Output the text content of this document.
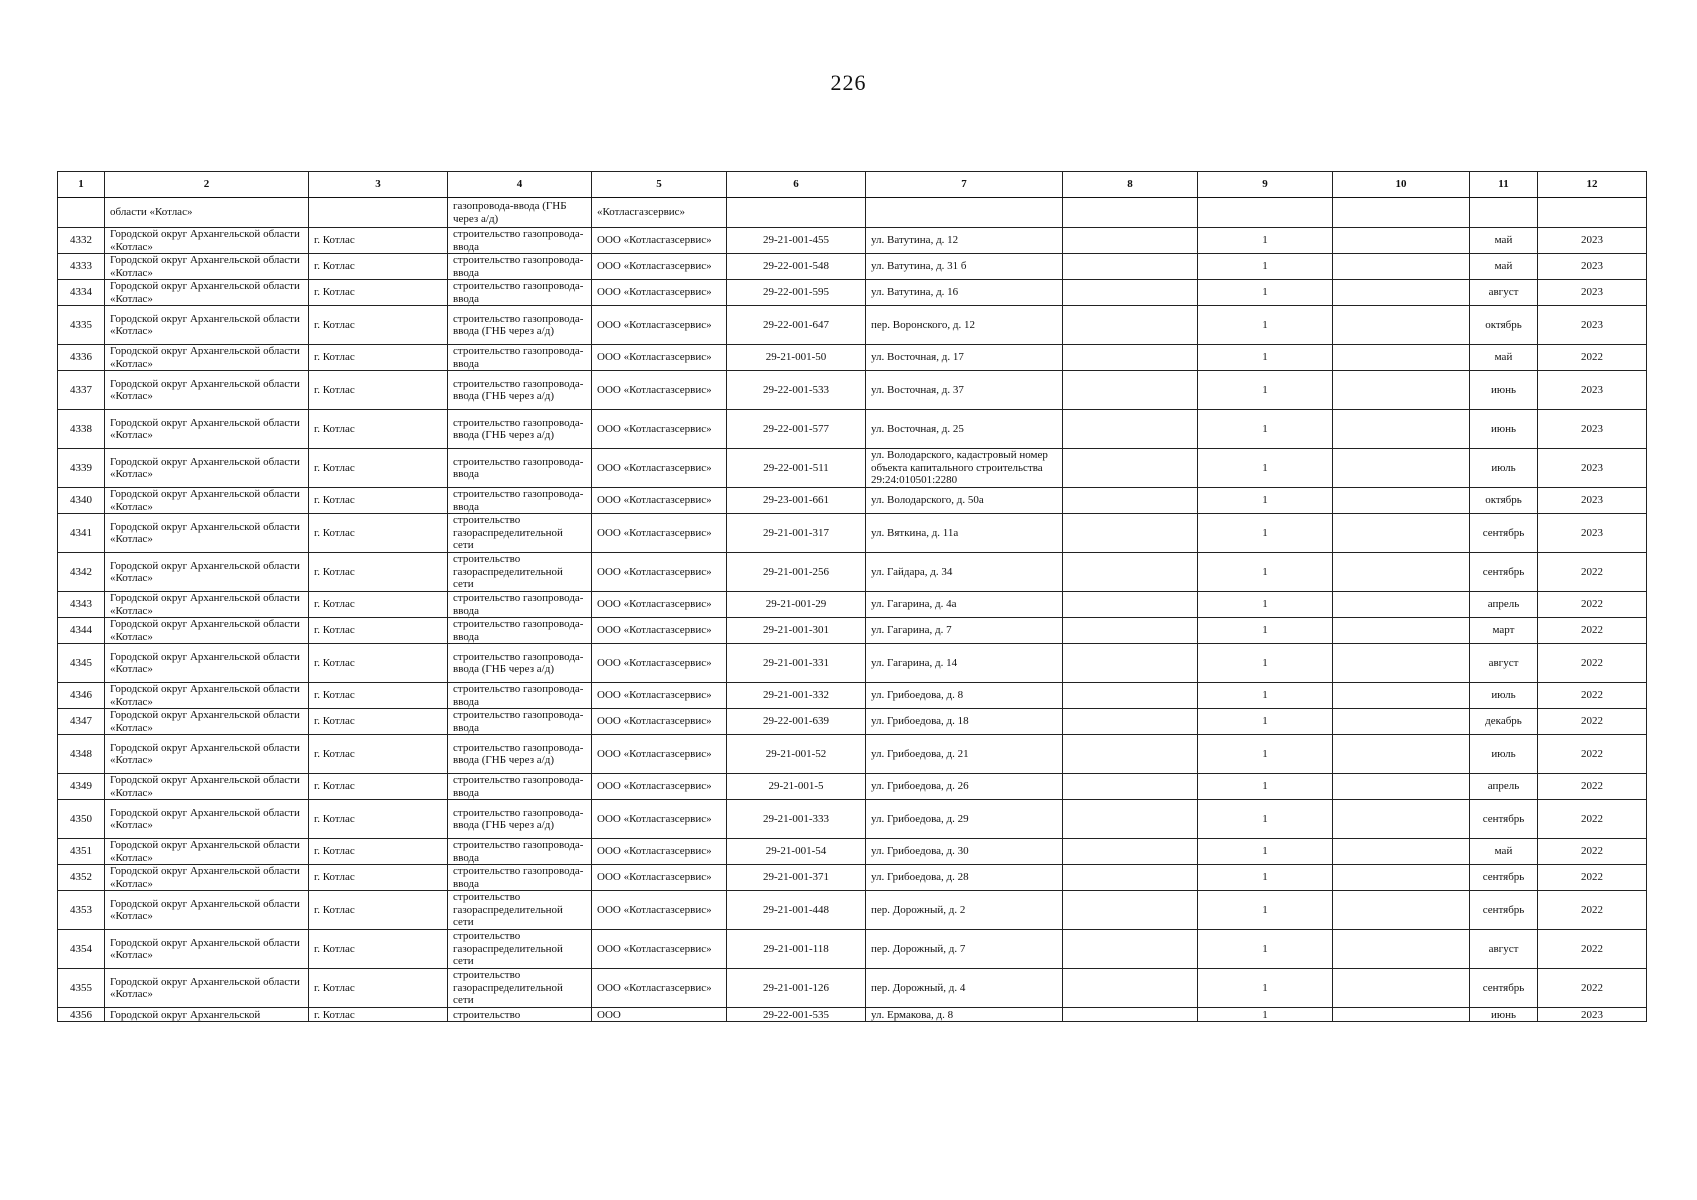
226
1	2	3	4	5	6	7	8	9	10	11	12
	области «Котлас»		газопровода-ввода (ГНБ через а/д)	«Котласгазсервис»							
4332	Городской округ Архангельской области «Котлас»	г. Котлас	строительство газопровода-ввода	ООО «Котласгазсервис»	29-21-001-455	ул. Ватутина, д. 12		1		май	2023
4333	Городской округ Архангельской области «Котлас»	г. Котлас	строительство газопровода-ввода	ООО «Котласгазсервис»	29-22-001-548	ул. Ватутина, д. 31 б		1		май	2023
4334	Городской округ Архангельской области «Котлас»	г. Котлас	строительство газопровода-ввода	ООО «Котласгазсервис»	29-22-001-595	ул. Ватутина, д. 16		1		август	2023
4335	Городской округ Архангельской области «Котлас»	г. Котлас	строительство газопровода-ввода (ГНБ через а/д)	ООО «Котласгазсервис»	29-22-001-647	пер. Воронского, д. 12		1		октябрь	2023
4336	Городской округ Архангельской области «Котлас»	г. Котлас	строительство газопровода-ввода	ООО «Котласгазсервис»	29-21-001-50	ул. Восточная, д. 17		1		май	2022
4337	Городской округ Архангельской области «Котлас»	г. Котлас	строительство газопровода-ввода (ГНБ через а/д)	ООО «Котласгазсервис»	29-22-001-533	ул. Восточная, д. 37		1		июнь	2023
4338	Городской округ Архангельской области «Котлас»	г. Котлас	строительство газопровода-ввода (ГНБ через а/д)	ООО «Котласгазсервис»	29-22-001-577	ул. Восточная, д. 25		1		июнь	2023
4339	Городской округ Архангельской области «Котлас»	г. Котлас	строительство газопровода-ввода	ООО «Котласгазсервис»	29-22-001-511	ул. Володарского, кадастровый номер объекта капитального строительства 29:24:010501:2280		1		июль	2023
4340	Городской округ Архангельской области «Котлас»	г. Котлас	строительство газопровода-ввода	ООО «Котласгазсервис»	29-23-001-661	ул. Володарского, д. 50а		1		октябрь	2023
4341	Городской округ Архангельской области «Котлас»	г. Котлас	строительство газораспределительной сети	ООО «Котласгазсервис»	29-21-001-317	ул. Вяткина, д. 11а		1		сентябрь	2023
4342	Городской округ Архангельской области «Котлас»	г. Котлас	строительство газораспределительной сети	ООО «Котласгазсервис»	29-21-001-256	ул. Гайдара, д. 34		1		сентябрь	2022
4343	Городской округ Архангельской области «Котлас»	г. Котлас	строительство газопровода-ввода	ООО «Котласгазсервис»	29-21-001-29	ул. Гагарина, д. 4а		1		апрель	2022
4344	Городской округ Архангельской области «Котлас»	г. Котлас	строительство газопровода-ввода	ООО «Котласгазсервис»	29-21-001-301	ул. Гагарина, д. 7		1		март	2022
4345	Городской округ Архангельской области «Котлас»	г. Котлас	строительство газопровода-ввода (ГНБ через а/д)	ООО «Котласгазсервис»	29-21-001-331	ул. Гагарина, д. 14		1		август	2022
4346	Городской округ Архангельской области «Котлас»	г. Котлас	строительство газопровода-ввода	ООО «Котласгазсервис»	29-21-001-332	ул. Грибоедова, д. 8		1		июль	2022
4347	Городской округ Архангельской области «Котлас»	г. Котлас	строительство газопровода-ввода	ООО «Котласгазсервис»	29-22-001-639	ул. Грибоедова, д. 18		1		декабрь	2022
4348	Городской округ Архангельской области «Котлас»	г. Котлас	строительство газопровода-ввода (ГНБ через а/д)	ООО «Котласгазсервис»	29-21-001-52	ул. Грибоедова, д. 21		1		июль	2022
4349	Городской округ Архангельской области «Котлас»	г. Котлас	строительство газопровода-ввода	ООО «Котласгазсервис»	29-21-001-5	ул. Грибоедова, д. 26		1		апрель	2022
4350	Городской округ Архангельской области «Котлас»	г. Котлас	строительство газопровода-ввода (ГНБ через а/д)	ООО «Котласгазсервис»	29-21-001-333	ул. Грибоедова, д. 29		1		сентябрь	2022
4351	Городской округ Архангельской области «Котлас»	г. Котлас	строительство газопровода-ввода	ООО «Котласгазсервис»	29-21-001-54	ул. Грибоедова, д. 30		1		май	2022
4352	Городской округ Архангельской области «Котлас»	г. Котлас	строительство газопровода-ввода	ООО «Котласгазсервис»	29-21-001-371	ул. Грибоедова, д. 28		1		сентябрь	2022
4353	Городской округ Архангельской области «Котлас»	г. Котлас	строительство газораспределительной сети	ООО «Котласгазсервис»	29-21-001-448	пер. Дорожный, д. 2		1		сентябрь	2022
4354	Городской округ Архангельской области «Котлас»	г. Котлас	строительство газораспределительной сети	ООО «Котласгазсервис»	29-21-001-118	пер. Дорожный, д. 7		1		август	2022
4355	Городской округ Архангельской области «Котлас»	г. Котлас	строительство газораспределительной сети	ООО «Котласгазсервис»	29-21-001-126	пер. Дорожный, д. 4		1		сентябрь	2022
4356	Городской округ Архангельской	г. Котлас	строительство	ООО	29-22-001-535	ул. Ермакова, д. 8		1		июнь	2023
